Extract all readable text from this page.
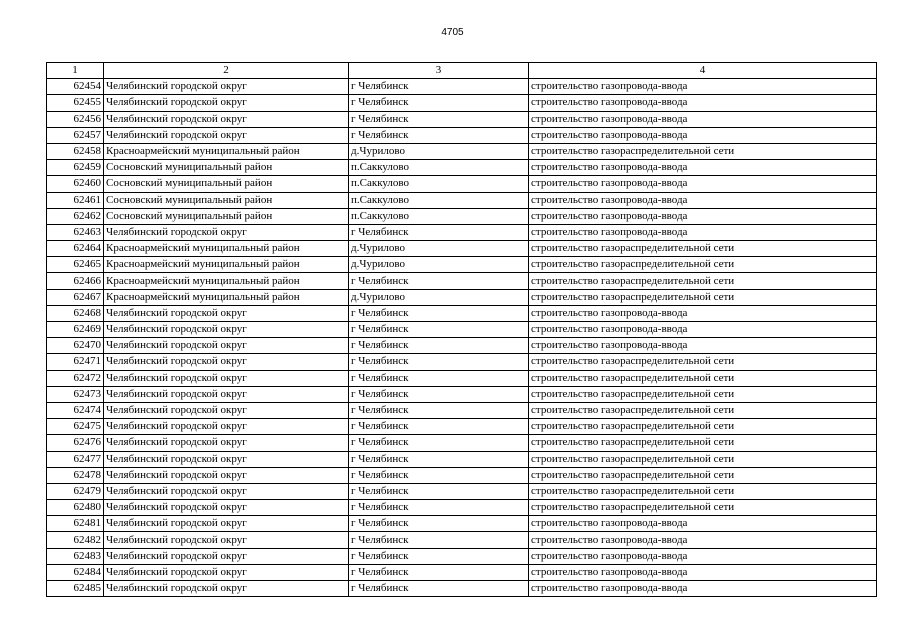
4705
1	2	3	4
62454	Челябинский городской округ	г Челябинск	строительство газопровода-ввода
62455	Челябинский городской округ	г Челябинск	строительство газопровода-ввода
62456	Челябинский городской округ	г Челябинск	строительство газопровода-ввода
62457	Челябинский городской округ	г Челябинск	строительство газопровода-ввода
62458	Красноармейский муниципальный район	д.Чурилово	строительство газораспределительной сети
62459	Сосновский муниципальный район	п.Саккулово	строительство газопровода-ввода
62460	Сосновский муниципальный район	п.Саккулово	строительство газопровода-ввода
62461	Сосновский муниципальный район	п.Саккулово	строительство газопровода-ввода
62462	Сосновский муниципальный район	п.Саккулово	строительство газопровода-ввода
62463	Челябинский городской округ	г Челябинск	строительство газопровода-ввода
62464	Красноармейский муниципальный район	д.Чурилово	строительство газораспределительной сети
62465	Красноармейский муниципальный район	д.Чурилово	строительство газораспределительной сети
62466	Красноармейский муниципальный район	г Челябинск	строительство газораспределительной сети
62467	Красноармейский муниципальный район	д.Чурилово	строительство газораспределительной сети
62468	Челябинский городской округ	г Челябинск	строительство газопровода-ввода
62469	Челябинский городской округ	г Челябинск	строительство газопровода-ввода
62470	Челябинский городской округ	г Челябинск	строительство газопровода-ввода
62471	Челябинский городской округ	г Челябинск	строительство газораспределительной сети
62472	Челябинский городской округ	г Челябинск	строительство газораспределительной сети
62473	Челябинский городской округ	г Челябинск	строительство газораспределительной сети
62474	Челябинский городской округ	г Челябинск	строительство газораспределительной сети
62475	Челябинский городской округ	г Челябинск	строительство газораспределительной сети
62476	Челябинский городской округ	г Челябинск	строительство газораспределительной сети
62477	Челябинский городской округ	г Челябинск	строительство газораспределительной сети
62478	Челябинский городской округ	г Челябинск	строительство газораспределительной сети
62479	Челябинский городской округ	г Челябинск	строительство газораспределительной сети
62480	Челябинский городской округ	г Челябинск	строительство газораспределительной сети
62481	Челябинский городской округ	г Челябинск	строительство газопровода-ввода
62482	Челябинский городской округ	г Челябинск	строительство газопровода-ввода
62483	Челябинский городской округ	г Челябинск	строительство газопровода-ввода
62484	Челябинский городской округ	г Челябинск	строительство газопровода-ввода
62485	Челябинский городской округ	г Челябинск	строительство газопровода-ввода
